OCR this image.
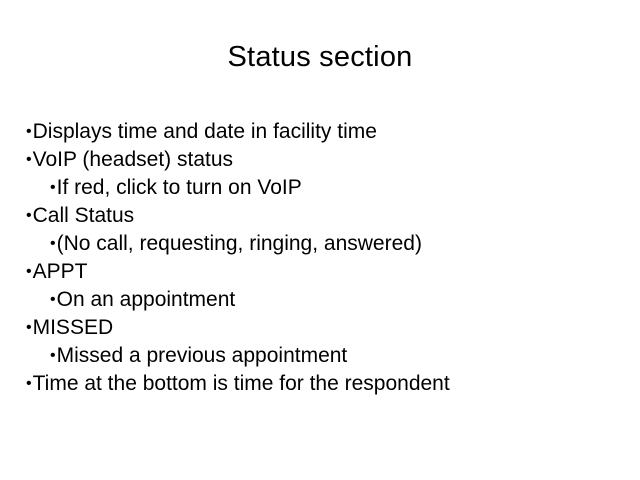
Status section
•Displays time and date in facility time
•VoIP (headset) status
•If red, click to turn on VoIP
•Call Status
•(No call, requesting, ringing, answered)
•APPT
•On an appointment
•MISSED
•Missed a previous appointment
•Time at the bottom is time for the respondent
